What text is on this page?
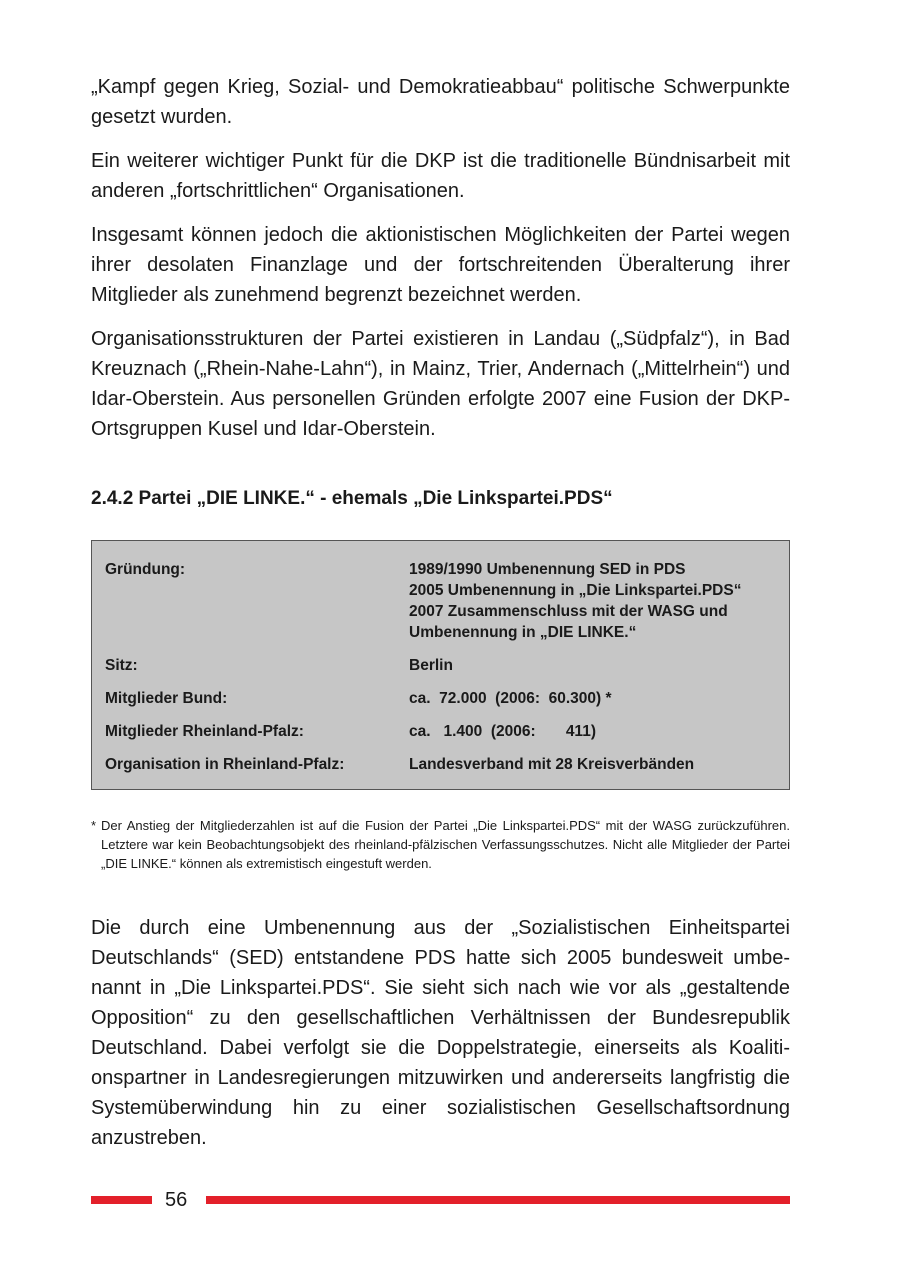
„Kampf gegen Krieg, Sozial- und Demokratieabbau“ politische Schwerpunkte gesetzt wurden.

Ein weiterer wichtiger Punkt für die DKP ist die traditionelle Bündnisarbeit mit anderen „fortschrittlichen“ Organisationen.

Insgesamt können jedoch die aktionistischen Möglichkeiten der Partei wegen ihrer desolaten Finanzlage und der fortschreitenden Überalterung ihrer Mitglieder als zunehmend begrenzt bezeichnet werden.

Organisationsstrukturen der Partei existieren in Landau („Südpfalz“), in Bad Kreuznach („Rhein-Nahe-Lahn“), in Mainz, Trier, Andernach („Mittelrhein“) und Idar-Oberstein. Aus personellen Gründen erfolgte 2007 eine Fusion der DKP-Ortsgruppen Kusel und Idar-Oberstein.

2.4.2 Partei „DIE LINKE.“ - ehemals „Die Linkspartei.PDS“
Gründung:	1989/1990 Umbenennung SED in PDS
2005 Umbenennung in „Die Linkspartei.PDS“
2007 Zusammenschluss mit der WASG und
Umbenennung in „DIE LINKE.“
Sitz:	Berlin
Mitglieder Bund:	ca.  72.000  (2006:  60.300) *
Mitglieder Rheinland-Pfalz:	ca.   1.400  (2006:       411)
Organisation in Rheinland-Pfalz:	Landesverband mit 28 Kreisverbänden
* Der Anstieg der Mitgliederzahlen ist auf die Fusion der Partei „Die Linkspartei.PDS“ mit der WASG zurückzuführen. Letztere war kein Beobachtungsobjekt des rheinland-pfälzischen Verfassungsschutzes. Nicht alle Mitglieder der Partei „DIE LINKE.“ können als extremistisch eingestuft werden.

Die durch eine Umbenennung aus der „Sozialistischen Einheitspartei Deutschlands“ (SED) entstandene PDS hatte sich 2005 bundesweit umbenannt in „Die Linkspartei.PDS“. Sie sieht sich nach wie vor als „gestaltende Opposition“ zu den gesellschaftlichen Verhältnissen der Bundesrepublik Deutschland. Dabei verfolgt sie die Doppelstrategie, einerseits als Koalitionspartner in Landesregierungen mitzuwirken und andererseits langfristig die Systemüberwindung hin zu einer sozialistischen Gesellschaftsordnung anzustreben.

56
